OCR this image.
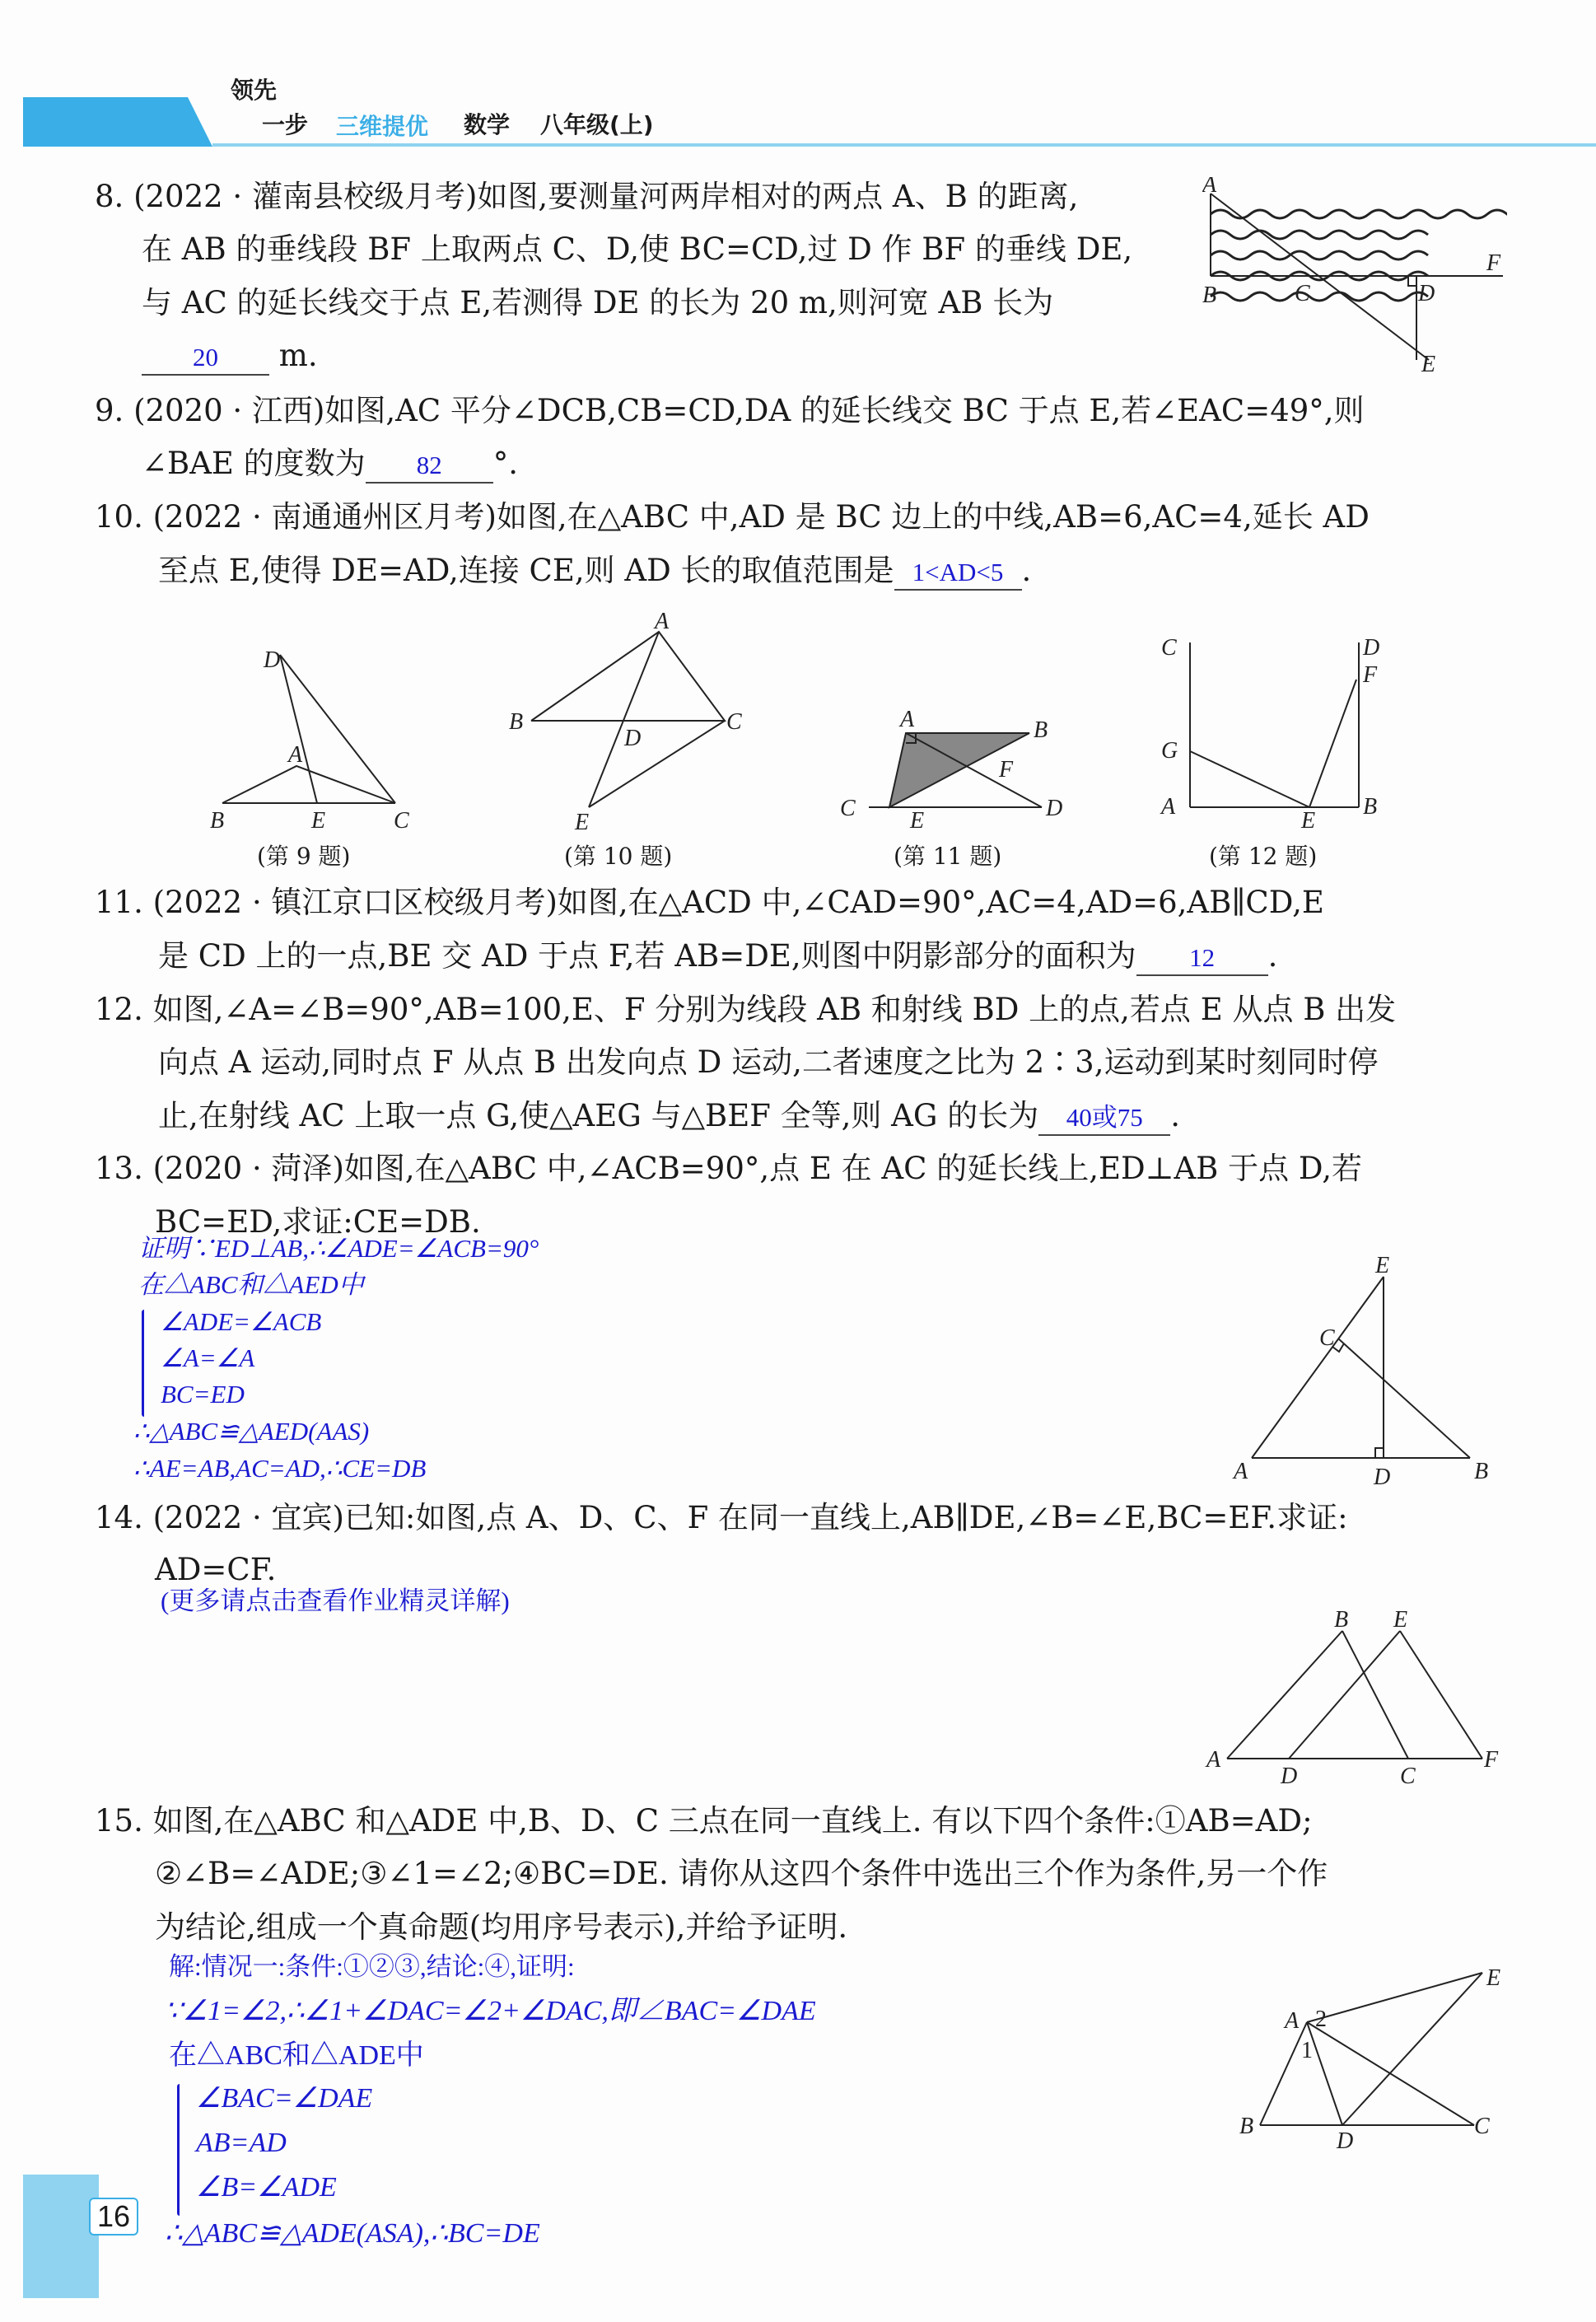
领先
一步 三维提优 数学 八年级(上)
8. (2022 · 灌南县校级月考)如图,要测量河两岸相对的两点 A、B 的距离,
在 AB 的垂线段 BF 上取两点 C、D,使 BC=CD,过 D 作 BF 的垂线 DE,
与 AC 的延长线交于点 E,若测得 DE 的长为 20 m,则河宽 AB 长为
20 m.
A
F
B	C	D
E
9. (2020 · 江西)如图,AC 平分∠DCB,CB=CD,DA 的延长线交 BC 于点 E,若∠EAC=49°,则
∠BAE 的度数为 82 °.
10. (2022 · 南通通州区月考)如图,在△ABC 中,AD 是 BC 边上的中线,AB=6,AC=4,延长 AD
至点 E,使得 DE=AD,连接 CE,则 AD 长的取值范围是 1<AD<5 .
D
A
B	E	C
(第 9 题)
A
B	C
D
E
(第 10 题)
A	B
F
C E	D
(第 11 题)
C	D
F
G
A
E
B
(第 12 题)
11. (2022 · 镇江京口区校级月考)如图,在△ACD 中,∠CAD=90°,AC=4,AD=6,AB∥CD,E
是 CD 上的一点,BE 交 AD 于点 F,若 AB=DE,则图中阴影部分的面积为 12 .
12. 如图,∠A=∠B=90°,AB=100,E、F 分别为线段 AB 和射线 BD 上的点,若点 E 从点 B 出发
向点 A 运动,同时点 F 从点 B 出发向点 D 运动,二者速度之比为 2∶3,运动到某时刻同时停
止,在射线 AC 上取一点 G,使△AEG 与△BEF 全等,则 AG 的长为 40或75 .
13. (2020 · 菏泽)如图,在△ABC 中,∠ACB=90°,点 E 在 AC 的延长线上,ED⊥AB 于点 D,若
BC=ED,求证:CE=DB.
证明∵ED⊥AB,∴∠ADE=∠ACB=90°
在△ABC和△AED中
∠ADE=∠ACB
∠A=∠A
BC=ED
∴△ABC≌△AED(AAS)
∴AE=AB,AC=AD,∴CE=DB
E
C
A	D	B
14. (2022 · 宜宾)已知:如图,点 A、D、C、F 在同一直线上,AB∥DE,∠B=∠E,BC=EF.求证:
AD=CF.
(更多请点击查看作业精灵详解)
B E
A
D	C
F
15. 如图,在△ABC 和△ADE 中,B、D、C 三点在同一直线上. 有以下四个条件:①AB=AD;
②∠B=∠ADE;③∠1=∠2;④BC=DE. 请你从这四个条件中选出三个作为条件,另一个作
为结论,组成一个真命题(均用序号表示),并给予证明.
解:情况一:条件:①②③,结论:④,证明:
∵∠1=∠2,∴∠1+∠DAC=∠2+∠DAC,即∠BAC=∠DAE
在△ABC和△ADE中
∠BAC=∠DAE
AB=AD
∠B=∠ADE
∴△ABC≌△ADE(ASA),∴BC=DE
E
A 2
1
B
D
C
16
